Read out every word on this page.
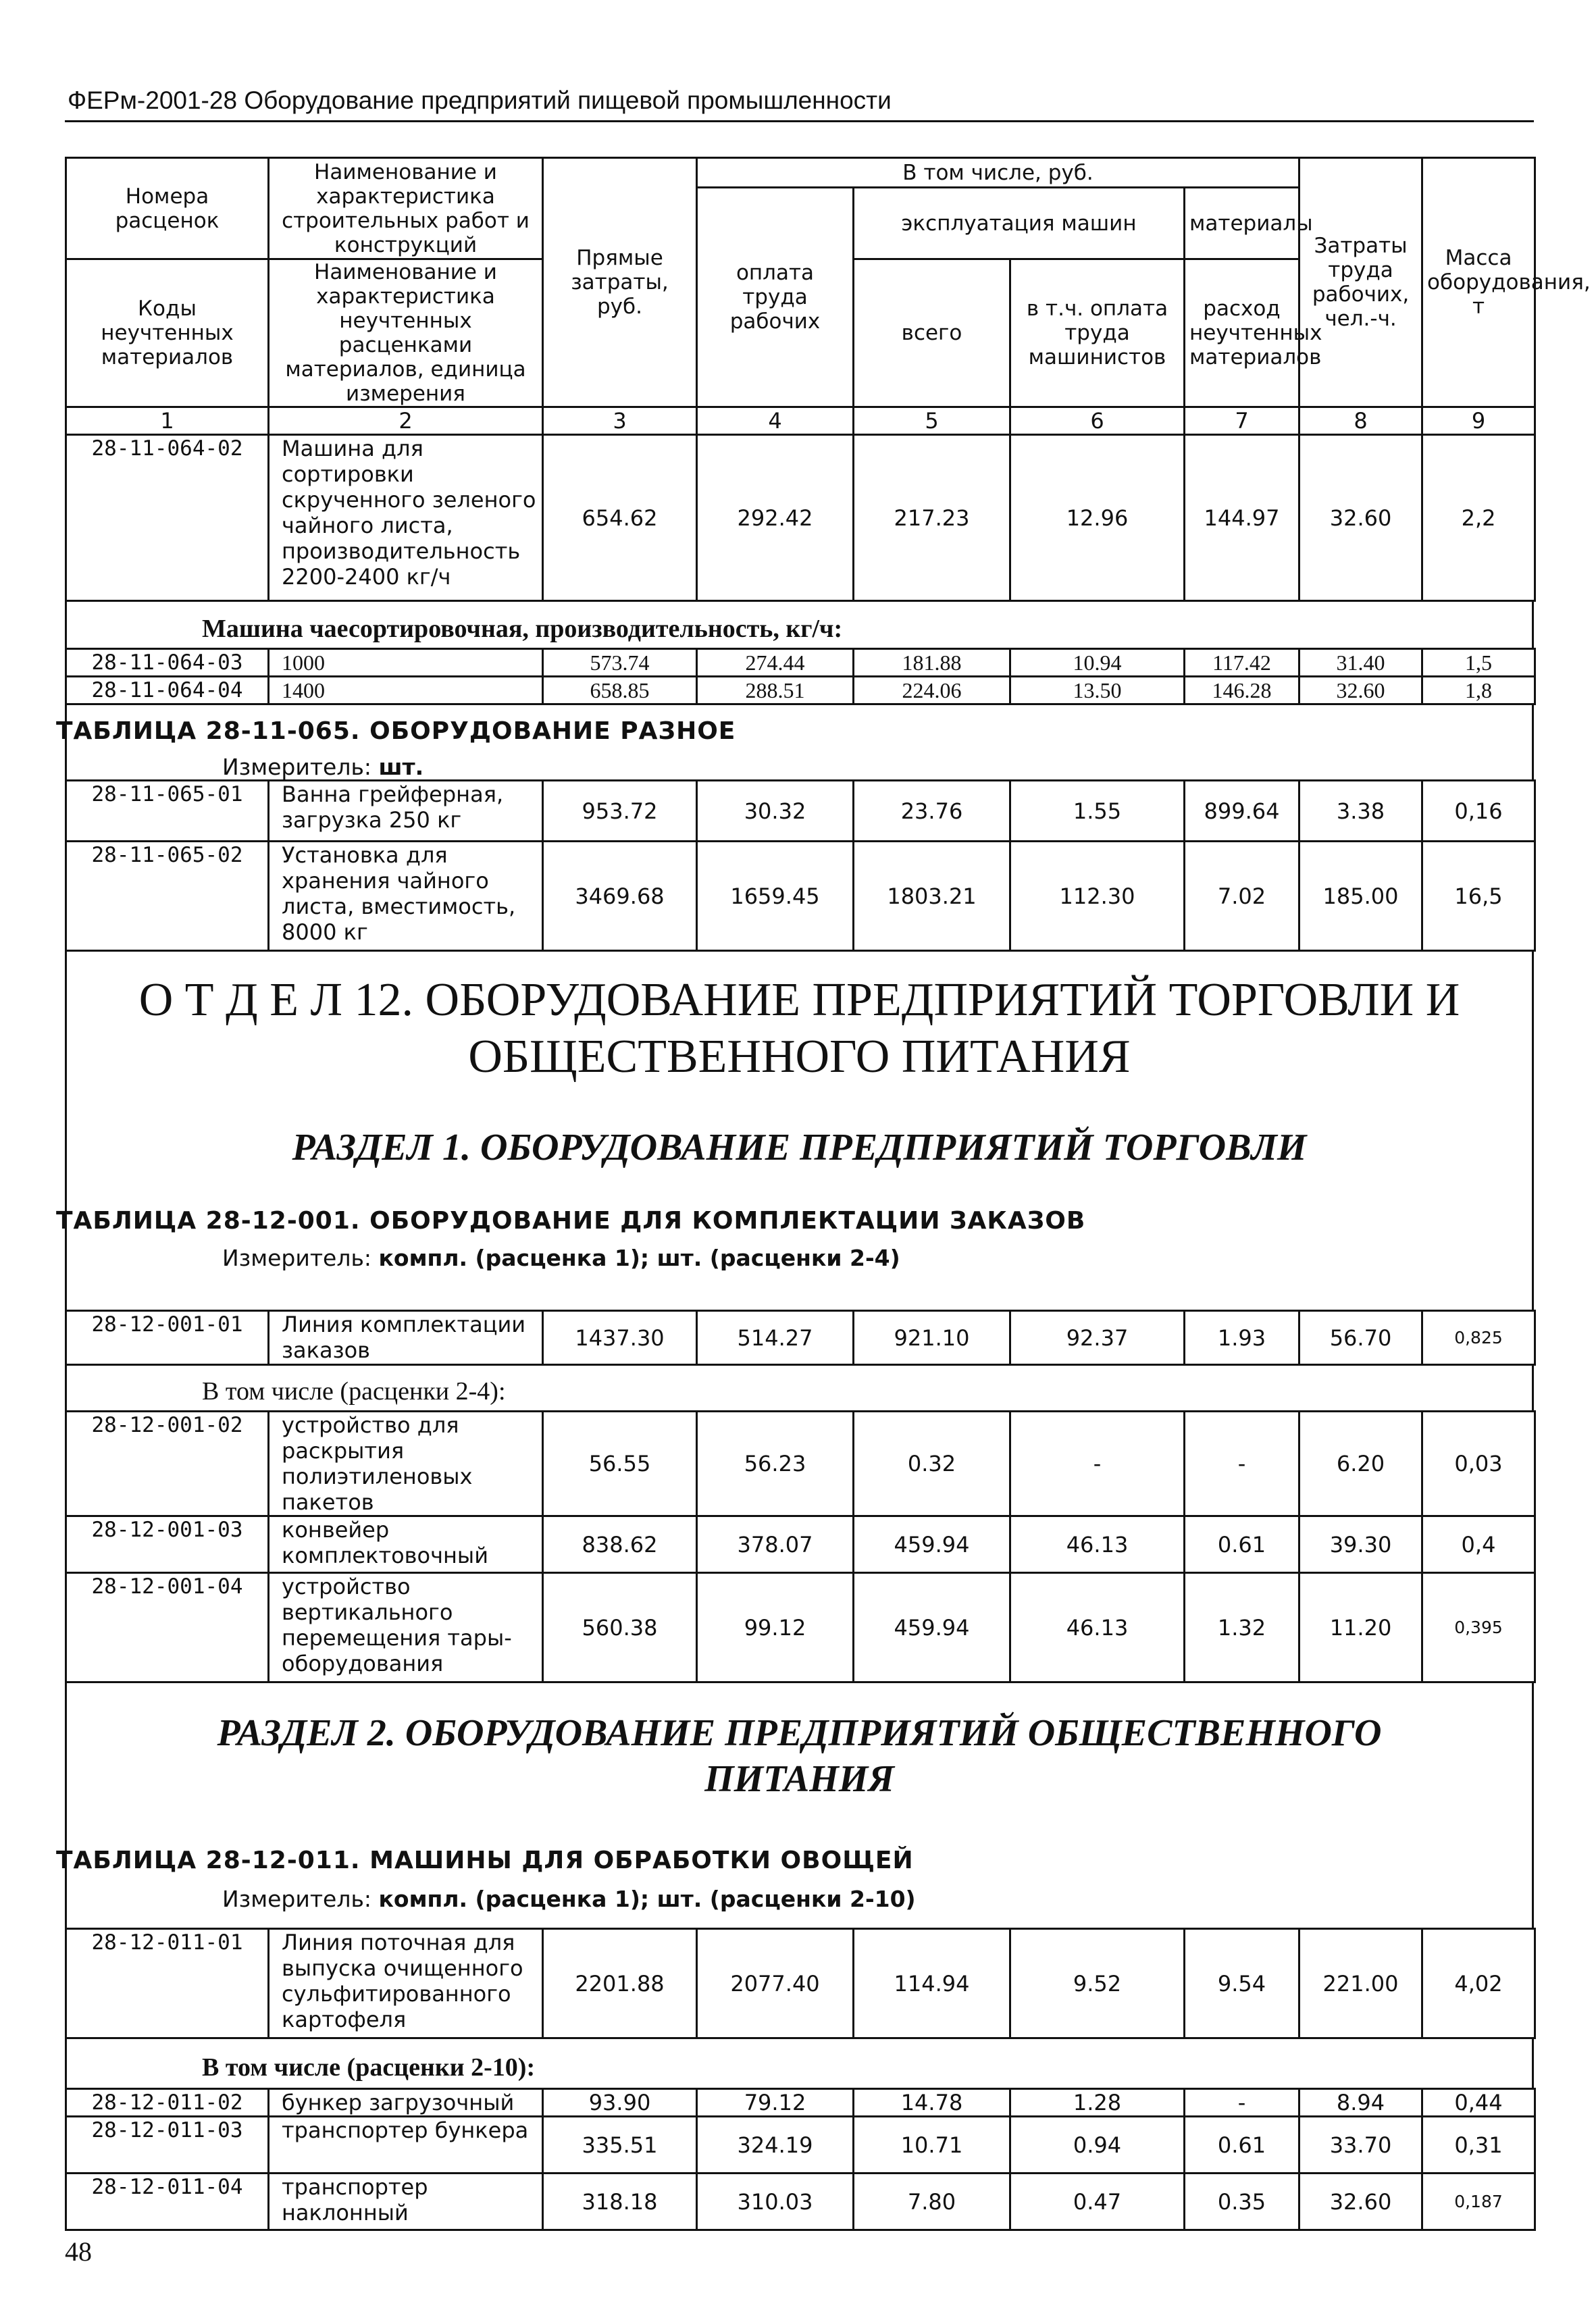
ФЕРм-2001-28 Оборудование предприятий пищевой промышленности
Номера расценок	Наименование и характеристика строительных работ и конструкций	Прямые затраты, руб.	В том числе, руб.				Затраты труда рабочих, чел.-ч.	Масса оборудования, т
			оплата труда рабочих	эксплуатация машин		материалы		
Коды неучтенных материалов	Наименование и характеристика неучтенных расценками материалов, единица измерения			всего	в т.ч. оплата труда машинистов	расход неучтенных материалов		

1	2	3	4	5	6	7	8	9
28-11-064-02	Машина для сортировки скрученного зеленого чайного листа, производительность 2200-2400 кг/ч	654.62	292.42	217.23	12.96	144.97	32.60	2,2
Машина чаесортировочная, производительность, кг/ч:
28-11-064-03	1000	573.74	274.44	181.88	10.94	117.42	31.40	1,5
28-11-064-04	1400	658.85	288.51	224.06	13.50	146.28	32.60	1,8
ТАБЛИЦА 28-11-065. ОБОРУДОВАНИЕ РАЗНОЕ
Измеритель: шт.
28-11-065-01	Ванна грейферная, загрузка 250 кг	953.72	30.32	23.76	1.55	899.64	3.38	0,16
28-11-065-02	Установка для хранения чайного листа, вместимость, 8000 кг	3469.68	1659.45	1803.21	112.30	7.02	185.00	16,5
О Т Д Е Л 12. ОБОРУДОВАНИЕ ПРЕДПРИЯТИЙ ТОРГОВЛИ И ОБЩЕСТВЕННОГО ПИТАНИЯ
РАЗДЕЛ 1. ОБОРУДОВАНИЕ ПРЕДПРИЯТИЙ ТОРГОВЛИ
ТАБЛИЦА 28-12-001. ОБОРУДОВАНИЕ ДЛЯ КОМПЛЕКТАЦИИ ЗАКАЗОВ
Измеритель: компл. (расценка 1); шт. (расценки 2-4)
28-12-001-01	Линия комплектации заказов	1437.30	514.27	921.10	92.37	1.93	56.70	0,825
В том числе (расценки 2-4):
28-12-001-02	устройство для раскрытия полиэтиленовых пакетов	56.55	56.23	0.32	-	-	6.20	0,03
28-12-001-03	конвейер комплектовочный	838.62	378.07	459.94	46.13	0.61	39.30	0,4
28-12-001-04	устройство вертикального перемещения тары-оборудования	560.38	99.12	459.94	46.13	1.32	11.20	0,395
РАЗДЕЛ 2. ОБОРУДОВАНИЕ ПРЕДПРИЯТИЙ ОБЩЕСТВЕННОГО ПИТАНИЯ
ТАБЛИЦА 28-12-011. МАШИНЫ ДЛЯ ОБРАБОТКИ ОВОЩЕЙ
Измеритель: компл. (расценка 1); шт. (расценки 2-10)
28-12-011-01	Линия поточная для выпуска очищенного сульфитированного картофеля	2201.88	2077.40	114.94	9.52	9.54	221.00	4,02
В том числе (расценки 2-10):
28-12-011-02	бункер загрузочный	93.90	79.12	14.78	1.28	-	8.94	0,44
28-12-011-03	транспортер бункера	335.51	324.19	10.71	0.94	0.61	33.70	0,31
28-12-011-04	транспортер наклонный	318.18	310.03	7.80	0.47	0.35	32.60	0,187
48
